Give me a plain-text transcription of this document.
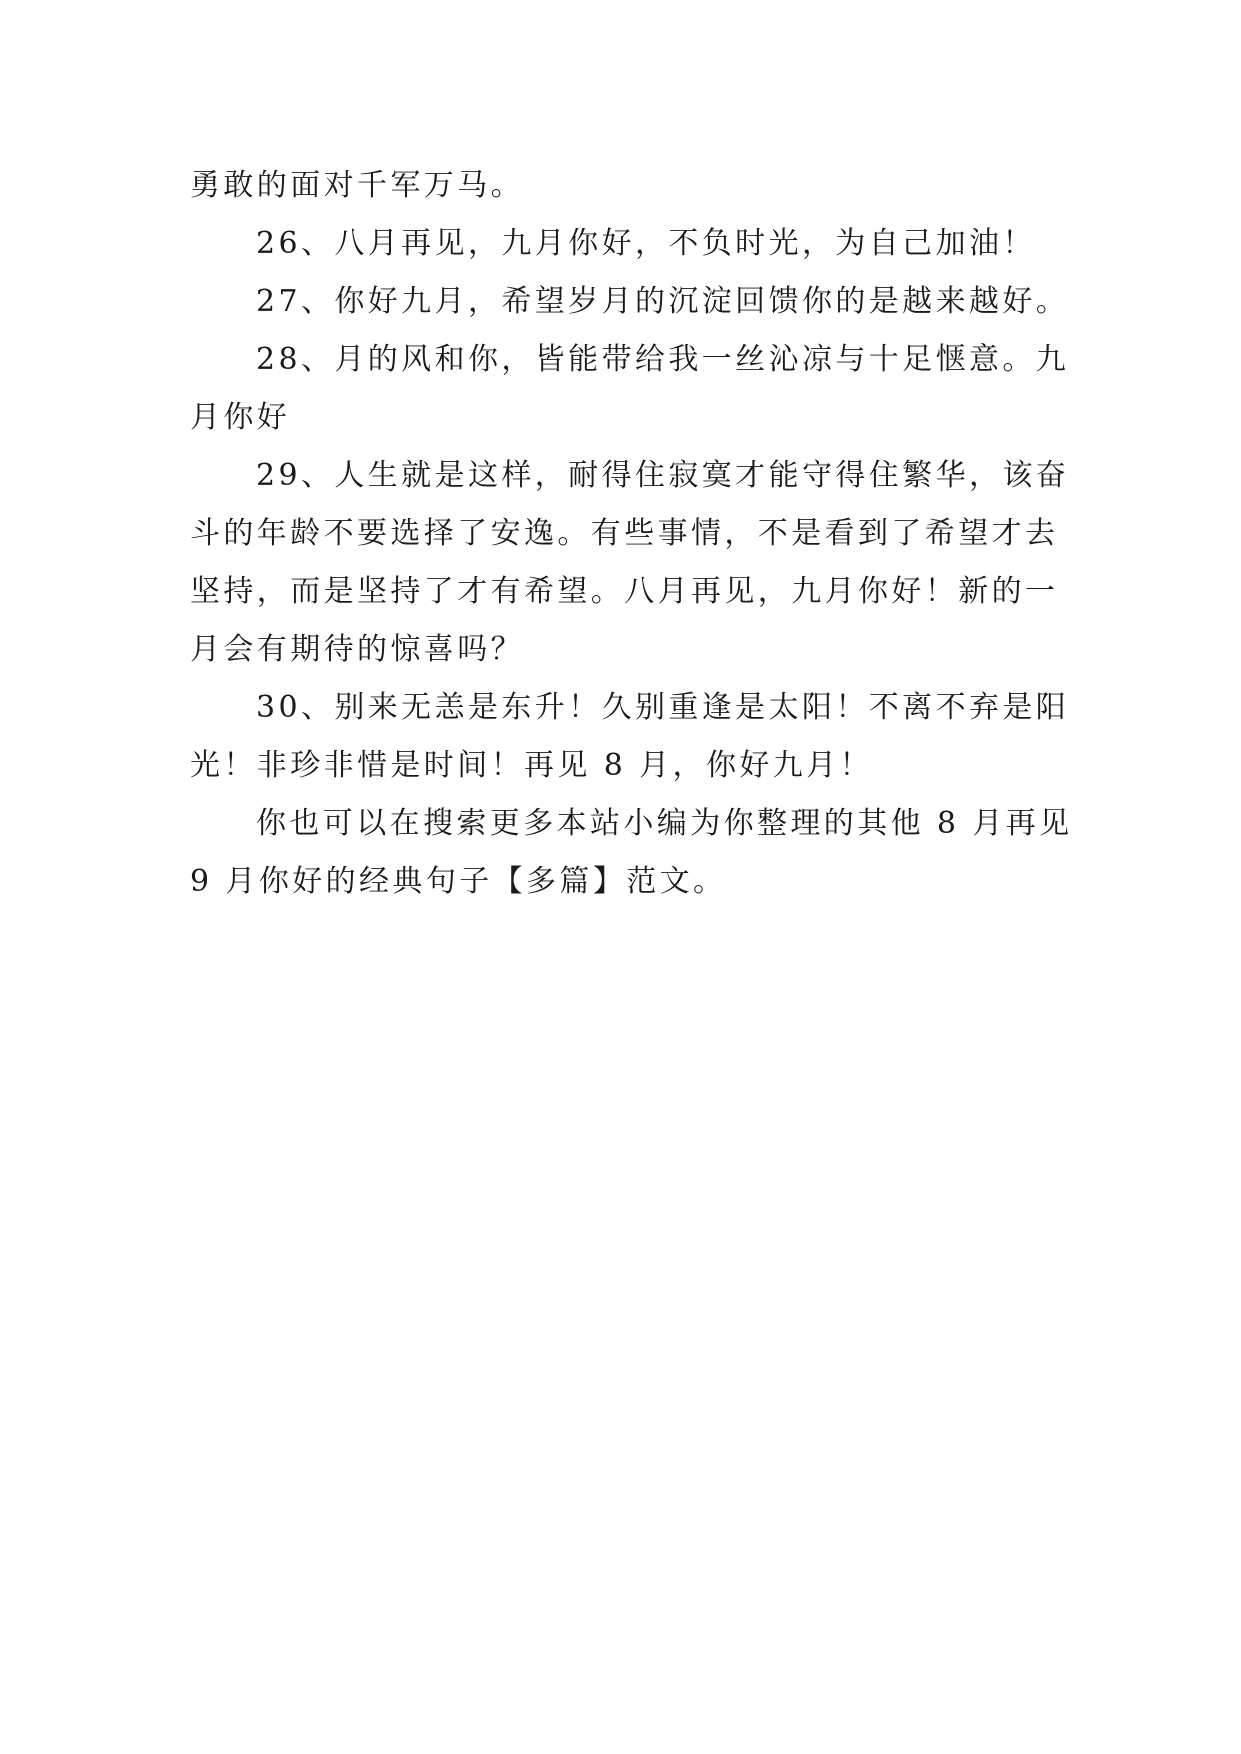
勇敢的面对千军万马。
26、八月再见，九月你好，不负时光，为自己加油！
27、你好九月，希望岁月的沉淀回馈你的是越来越好。
28、月的风和你，皆能带给我一丝沁凉与十足惬意。九
月你好
29、人生就是这样，耐得住寂寞才能守得住繁华，该奋
斗的年龄不要选择了安逸。有些事情，不是看到了希望才去
坚持，而是坚持了才有希望。八月再见，九月你好！新的一
月会有期待的惊喜吗？
30、别来无恙是东升！久别重逢是太阳！不离不弃是阳
光！非珍非惜是时间！再见 8 月，你好九月！
你也可以在搜索更多本站小编为你整理的其他 8 月再见
9 月你好的经典句子【多篇】范文。
